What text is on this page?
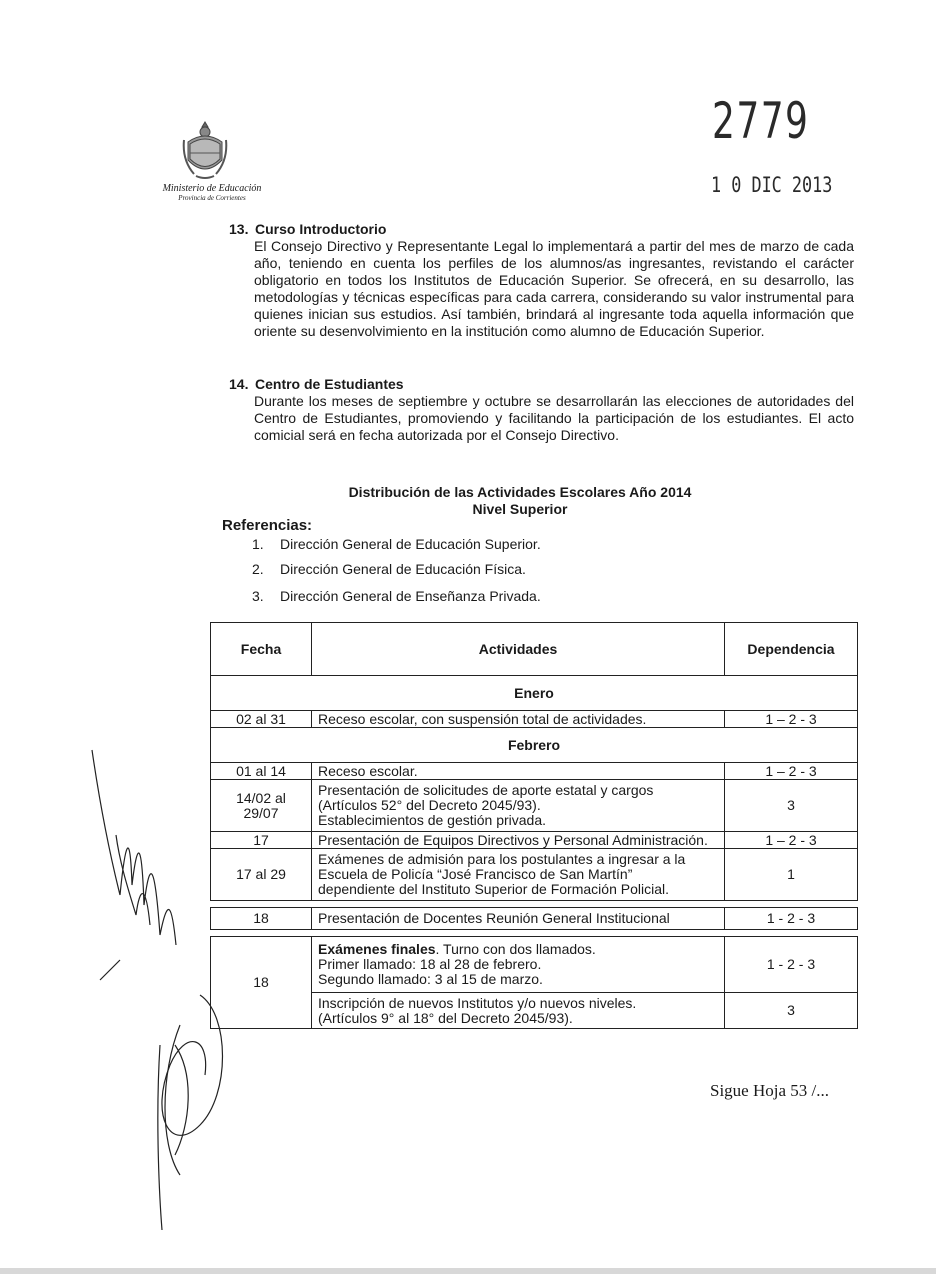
Ministerio de Educación
Provincia de Corrientes
2779
1 0 DIC 2013
13. Curso Introductorio
El Consejo Directivo y Representante Legal lo implementará a partir del mes de marzo de cada año, teniendo en cuenta los perfiles de los alumnos/as ingresantes, revistando el carácter obligatorio en todos los Institutos de Educación Superior. Se ofrecerá, en su desarrollo, las metodologías y técnicas específicas para cada carrera, considerando su valor instrumental para quienes inician sus estudios. Así también, brindará al ingresante toda aquella información que oriente su desenvolvimiento en la institución como alumno de Educación Superior.
14. Centro de Estudiantes
Durante los meses de septiembre y octubre se desarrollarán las elecciones de autoridades del Centro de Estudiantes, promoviendo y facilitando la participación de los estudiantes. El acto comicial será en fecha autorizada por el Consejo Directivo.
Distribución de las Actividades Escolares Año 2014
Nivel Superior
Referencias:
1. Dirección General de Educación Superior.
2. Dirección General de Educación Física.
3. Dirección General de Enseñanza Privada.
Fecha	Actividades	Dependencia
Enero		
02 al 31	Receso escolar, con suspensión total de actividades.	1 – 2 - 3
Febrero		
01 al 14	Receso escolar.	1 – 2 - 3
14/02 al 29/07	Presentación de solicitudes de aporte estatal y cargos
(Artículos 52° del Decreto 2045/93).
Establecimientos de gestión privada.	3
17	Presentación de Equipos Directivos y Personal Administración.	1 – 2 - 3
17 al 29	Exámenes de admisión para los postulantes a ingresar a la
Escuela de Policía “José Francisco de San Martín”
dependiente del Instituto Superior de Formación Policial.	1

18	Presentación de Docentes Reunión General Institucional	1 - 2 - 3

18	Exámenes finales. Turno con dos llamados.
Primer llamado: 18 al 28 de febrero.
Segundo llamado: 3 al 15 de marzo.	1 - 2 - 3

	Inscripción de nuevos Institutos y/o nuevos niveles.
(Artículos 9° al 18° del Decreto 2045/93).	3
Sigue Hoja 53 /...
